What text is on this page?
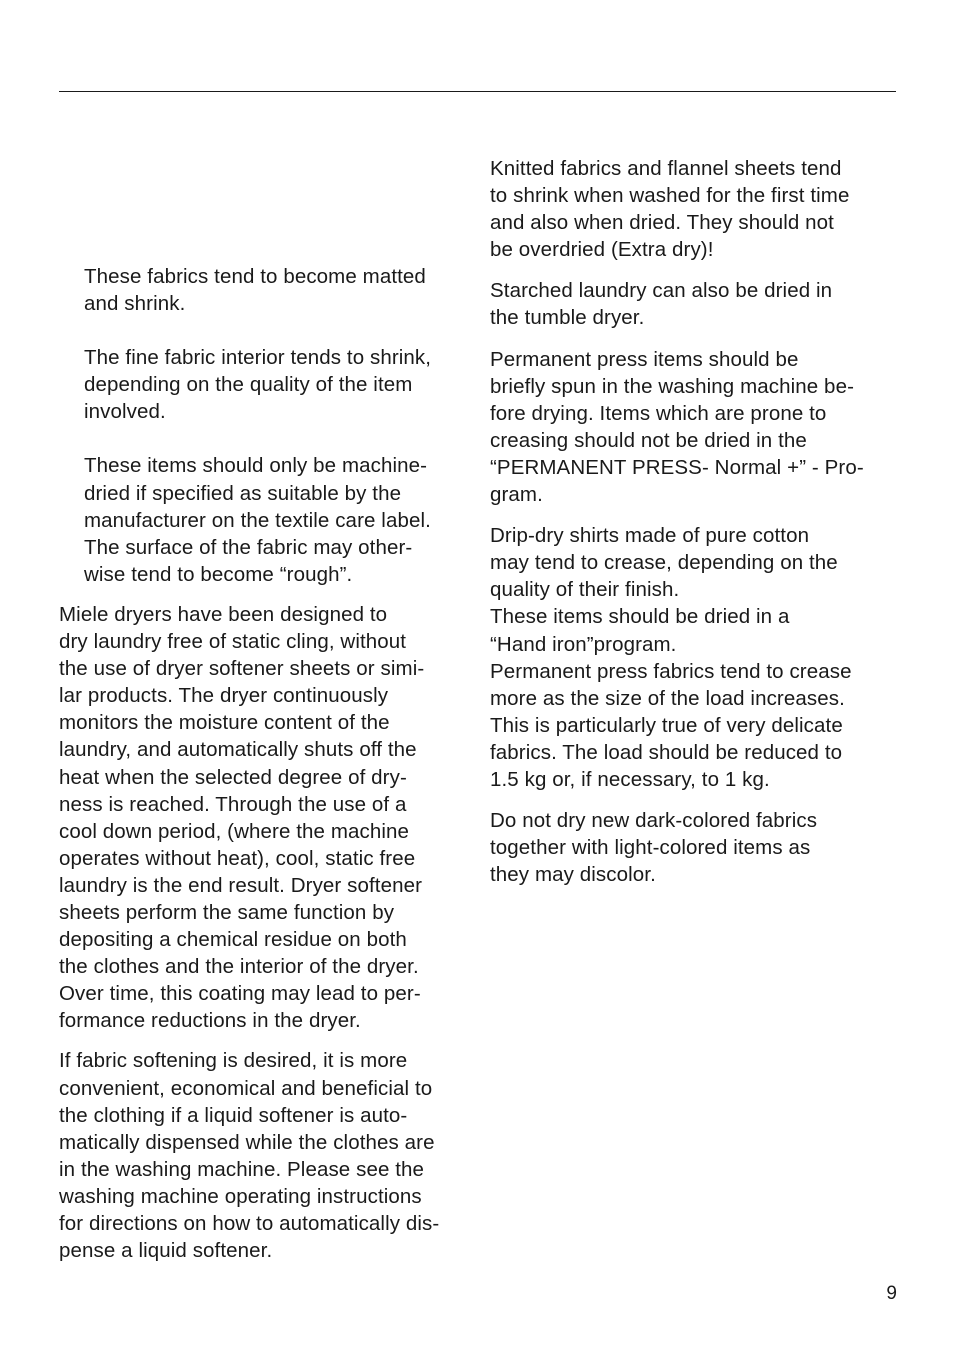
These fabrics tend to become matted
and shrink.

The fine fabric interior tends to shrink,
depending on the quality of the item
involved.

These items should only be machine-
dried if specified as suitable by the
manufacturer on the textile care label.
The surface of the fabric may other-
wise tend to become “rough”.

Miele dryers have been designed to
dry laundry free of static cling, without
the use of dryer softener sheets or simi-
lar products. The dryer continuously
monitors the moisture content of the
laundry, and automatically shuts off the
heat when the selected degree of dry-
ness is reached. Through the use of a
cool down period, (where the machine
operates without heat), cool, static free
laundry is the end result. Dryer softener
sheets perform the same function by
depositing a chemical residue on both
the clothes and the interior of the dryer.
Over time, this coating may lead to per-
formance reductions in the dryer.

If fabric softening is desired, it is more
convenient, economical and beneficial to
the clothing if a liquid softener is auto-
matically dispensed while the clothes are
in the washing machine. Please see the
washing machine operating instructions
for directions on how to automatically dis-
pense a liquid softener.

Knitted fabrics and flannel sheets tend
to shrink when washed for the first time
and also when dried. They should not
be overdried (Extra dry)!

Starched laundry can also be dried in
the tumble dryer.

Permanent press items should be
briefly spun in the washing machine be-
fore drying. Items which are prone to
creasing should not be dried in the
“PERMANENT PRESS- Normal +” - Pro-
gram.

Drip-dry shirts made of pure cotton
may tend to crease, depending on the
quality of their finish.
These items should be dried in a
“Hand iron”program.
Permanent press fabrics tend to crease
more as the size of the load increases.
This is particularly true of very delicate
fabrics. The load should be reduced to
1.5 kg or, if necessary, to 1 kg.

Do not dry new dark-colored fabrics
together with light-colored items as
they may discolor.

9
